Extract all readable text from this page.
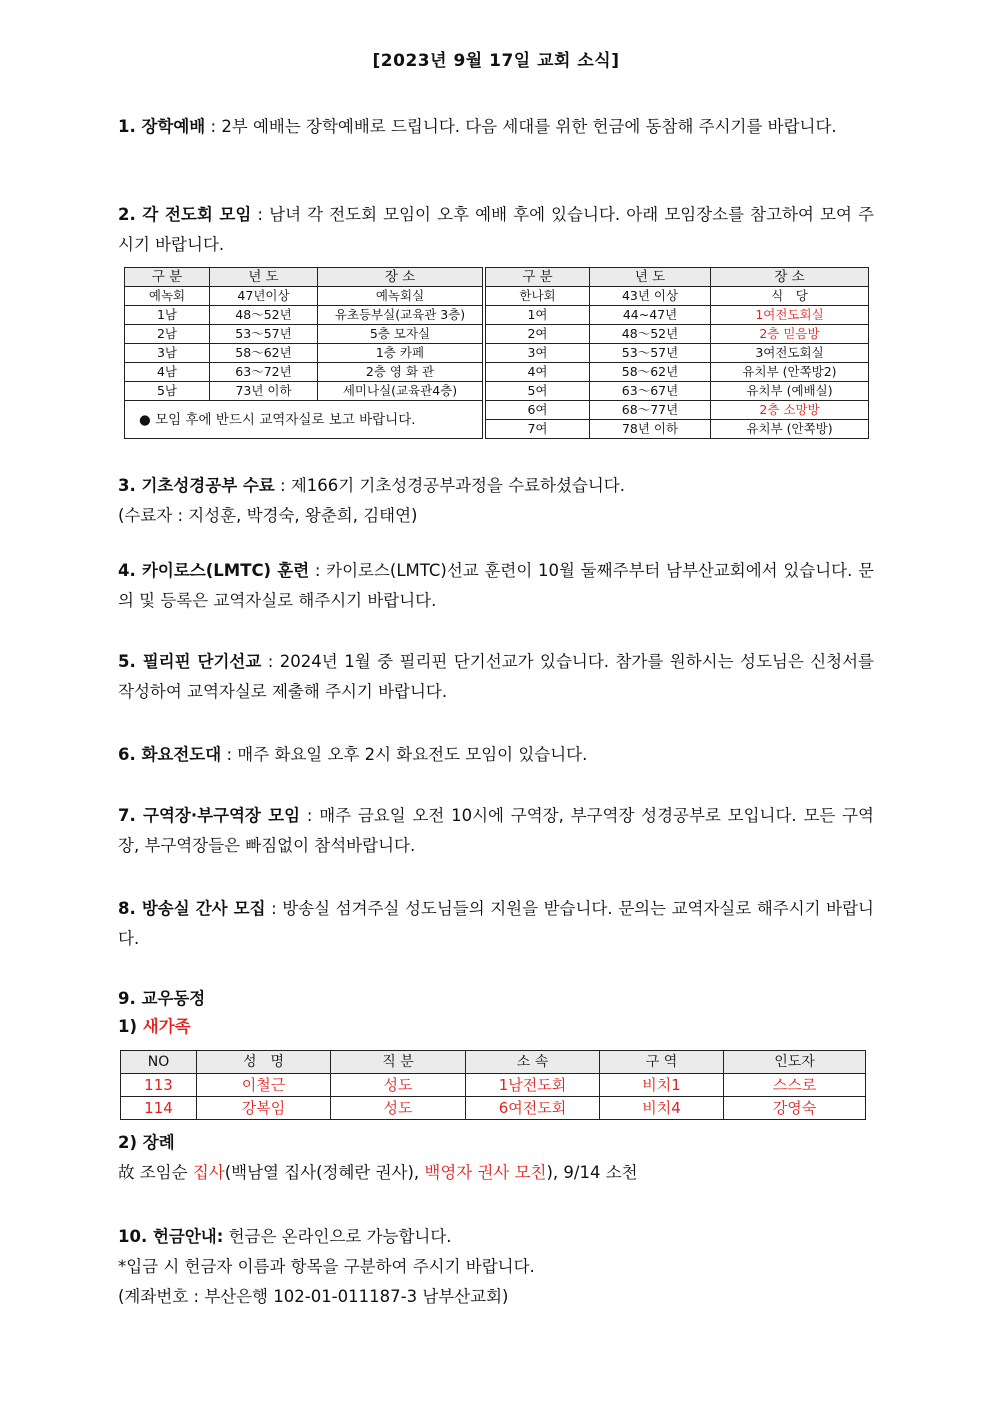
[2023년 9월 17일 교회 소식]
1. 장학예배 : 2부 예배는 장학예배로 드립니다. 다음 세대를 위한 헌금에 동참해 주시기를 바랍니다.
2. 각 전도회 모임 : 남녀 각 전도회 모임이 오후 예배 후에 있습니다. 아래 모임장소를 참고하여 모여 주시기 바랍니다.
구 분	년 도	장 소		구 분	년 도	장 소
예녹회	47년이상	예녹회실		한나회	43년 이상	식　당
1남	48～52년	유초등부실(교육관 3층)		1여	44~47년	1여전도회실
2남	53～57년	5층 모자실		2여	48～52년	2층 믿음방
3남	58～62년	1층 카페		3여	53～57년	3여전도회실
4남	63～72년	2층 영 화 관		4여	58～62년	유치부 (안쪽방2)
5남	73년 이하	세미나실(교육관4층)		5여	63～67년	유치부 (예배실)
● 모임 후에 반드시 교역자실로 보고 바랍니다.				6여	68～77년	2층 소망방
				7여	78년 이하	유치부 (안쪽방)
3. 기초성경공부 수료 : 제166기 기초성경공부과정을 수료하셨습니다.
(수료자 : 지성훈, 박경숙, 왕춘희, 김태연)
4. 카이로스(LMTC) 훈련 : 카이로스(LMTC)선교 훈련이 10월 둘째주부터 남부산교회에서 있습니다. 문의 및 등록은 교역자실로 해주시기 바랍니다.
5. 필리핀 단기선교 : 2024년 1월 중 필리핀 단기선교가 있습니다. 참가를 원하시는 성도님은 신청서를 작성하여 교역자실로 제출해 주시기 바랍니다.
6. 화요전도대 : 매주 화요일 오후 2시 화요전도 모임이 있습니다.
7. 구역장·부구역장 모임 : 매주 금요일 오전 10시에 구역장, 부구역장 성경공부로 모입니다. 모든 구역장, 부구역장들은 빠짐없이 참석바랍니다.
8. 방송실 간사 모집 : 방송실 섬겨주실 성도님들의 지원을 받습니다. 문의는 교역자실로 해주시기 바랍니다.
9. 교우동정
1) 새가족
NO	성　명	직 분	소 속	구 역	인도자
113	이철근	성도	1남전도회	비치1	스스로
114	강복임	성도	6여전도회	비치4	강영숙
2) 장례
故 조임순 집사(백남열 집사(정혜란 권사), 백영자 권사 모친), 9/14 소천
10. 헌금안내: 헌금은 온라인으로 가능합니다.
*입금 시 헌금자 이름과 항목을 구분하여 주시기 바랍니다.
(계좌번호 : 부산은행 102-01-011187-3 남부산교회)
